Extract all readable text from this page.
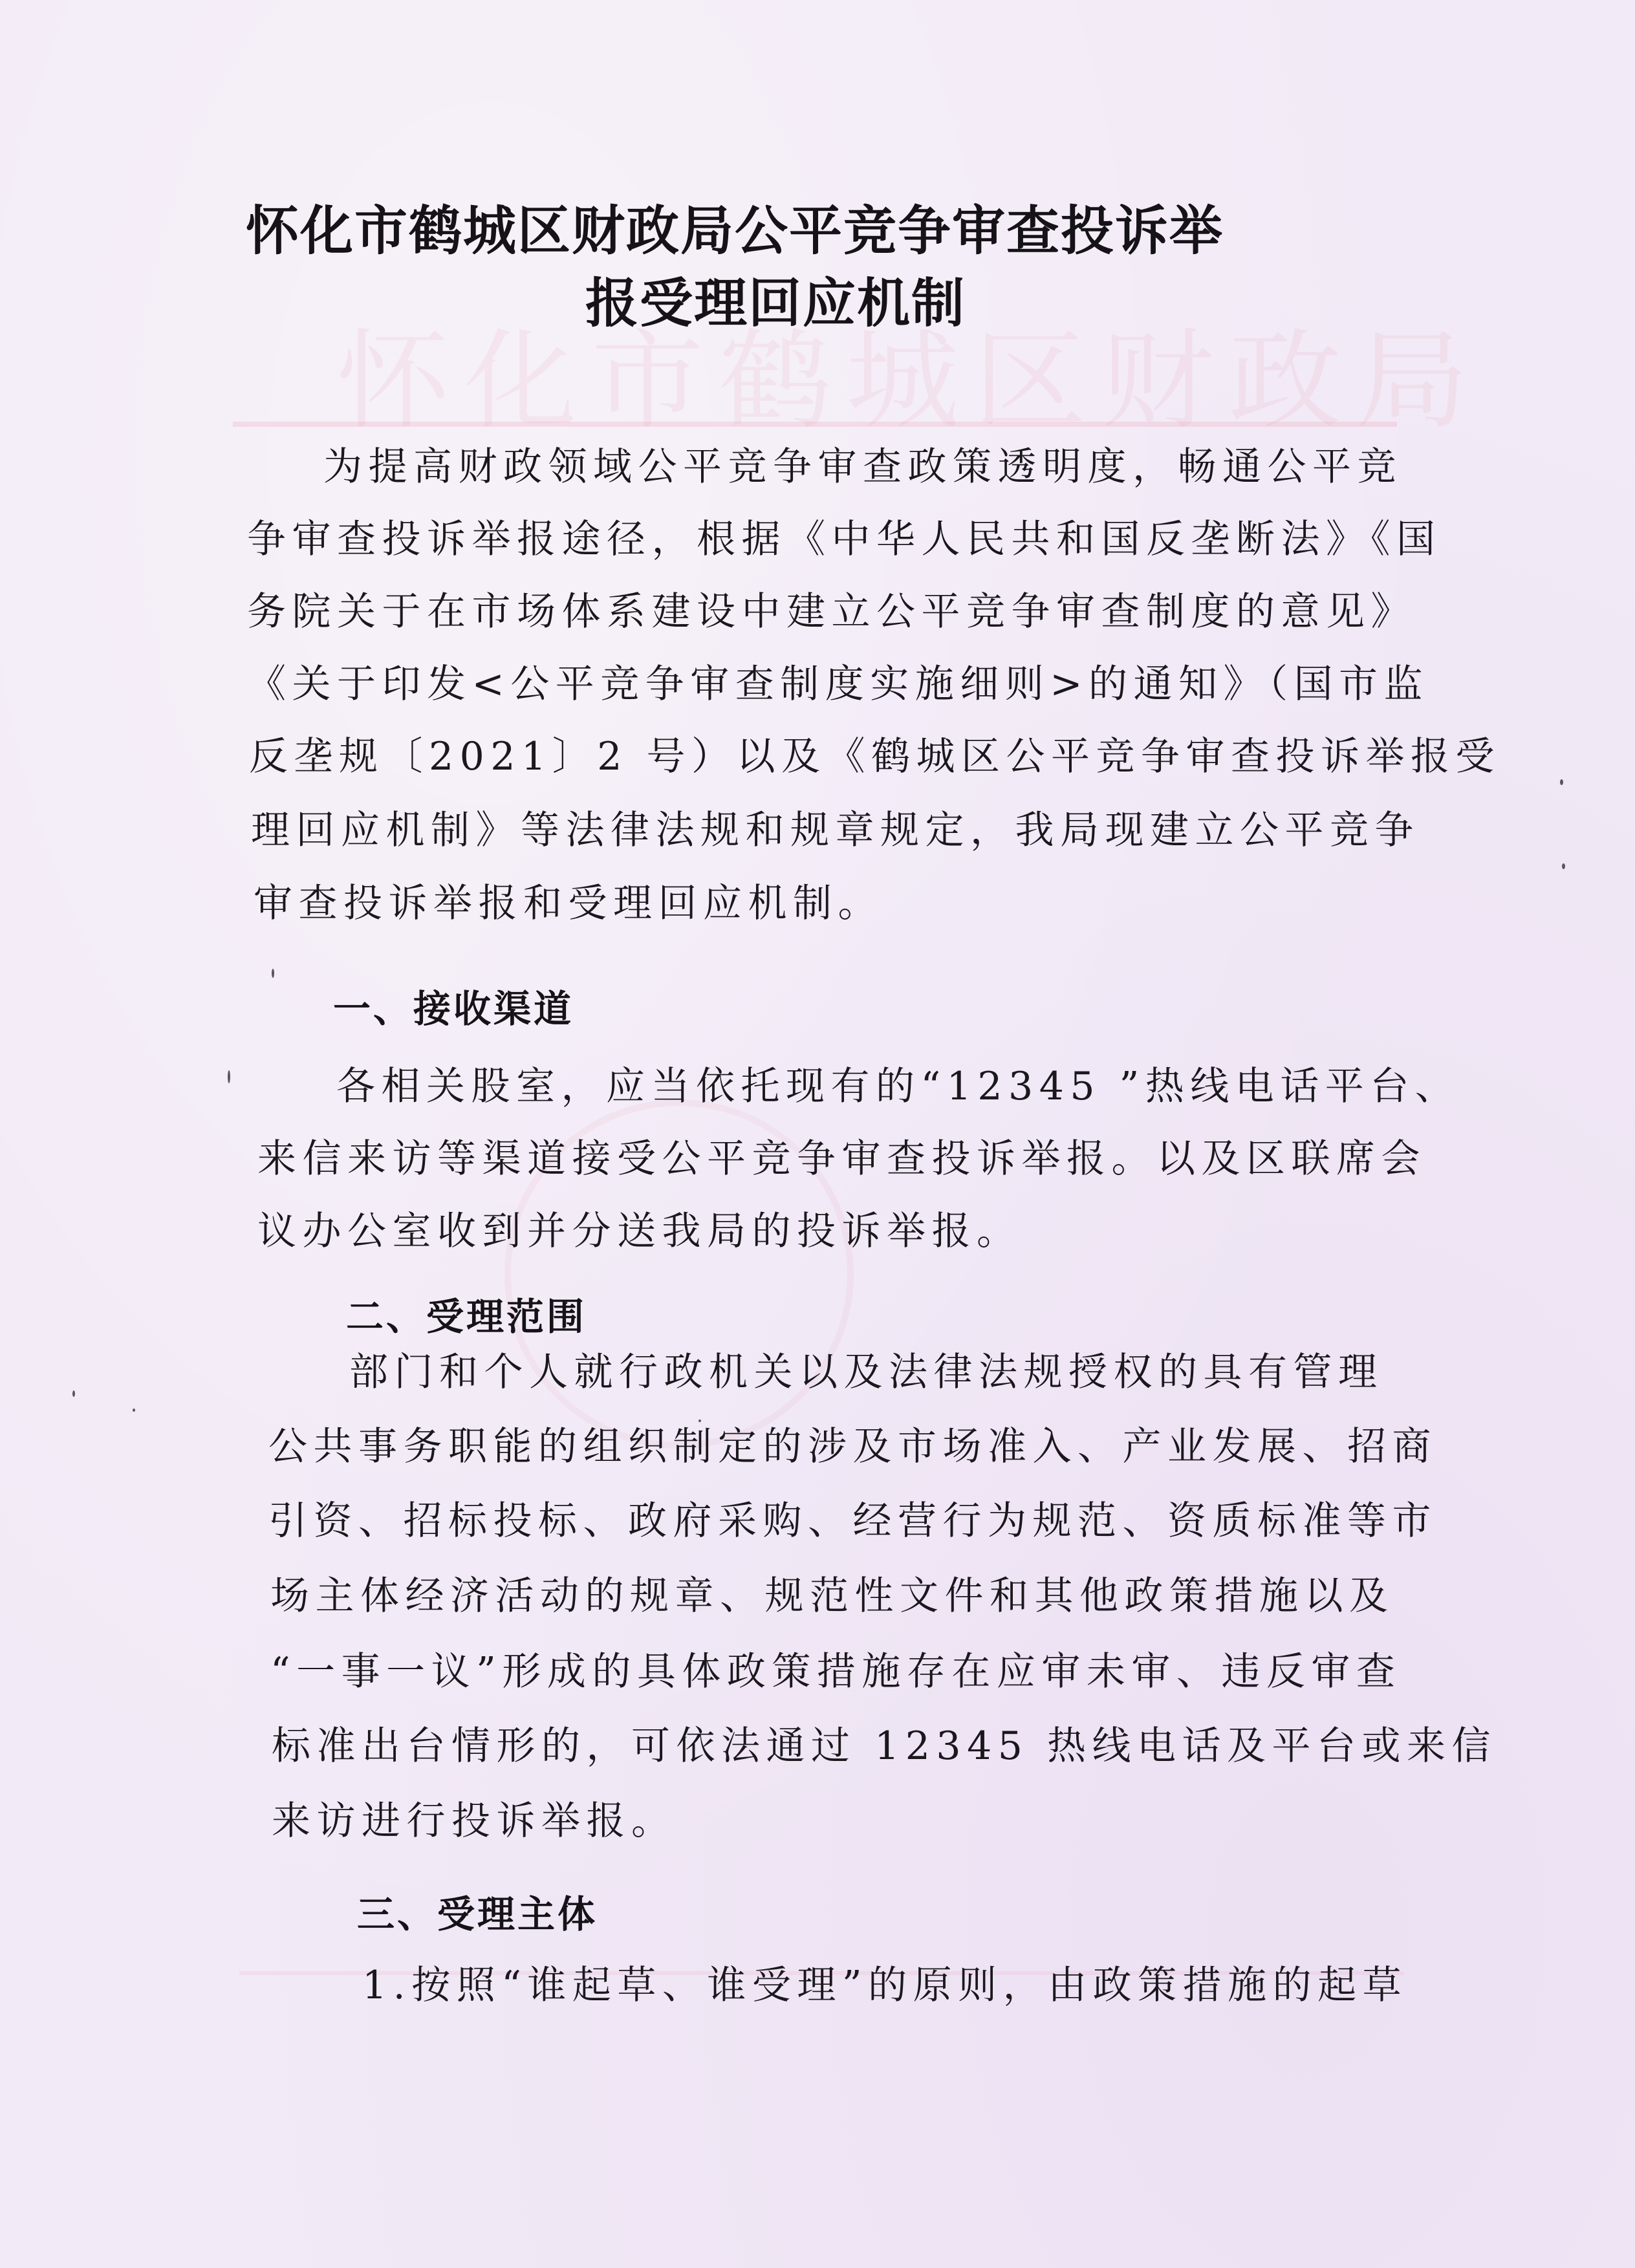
怀化市鹤城区财政局
怀化市鹤城区财政局公平竞争审查投诉举
报受理回应机制
为提高财政领域公平竞争审查政策透明度，畅通公平竞
争审查投诉举报途径，根据《中华人民共和国反垄断法》《国
务院关于在市场体系建设中建立公平竞争审查制度的意见》
《关于印发<公平竞争审查制度实施细则>的通知》（国市监
反垄规〔2021〕2 号）以及《鹤城区公平竞争审查投诉举报受
理回应机制》等法律法规和规章规定，我局现建立公平竞争
审查投诉举报和受理回应机制。
一、接收渠道
各相关股室，应当依托现有的“12345 ”热线电话平台、
来信来访等渠道接受公平竞争审查投诉举报。以及区联席会
议办公室收到并分送我局的投诉举报。
二、受理范围
部门和个人就行政机关以及法律法规授权的具有管理
公共事务职能的组织制定的涉及市场准入、产业发展、招商
引资、招标投标、政府采购、经营行为规范、资质标准等市
场主体经济活动的规章、规范性文件和其他政策措施以及
“一事一议”形成的具体政策措施存在应审未审、违反审查
标准出台情形的，可依法通过 12345 热线电话及平台或来信
来访进行投诉举报。
三、受理主体
1.按照“谁起草、谁受理”的原则，由政策措施的起草
